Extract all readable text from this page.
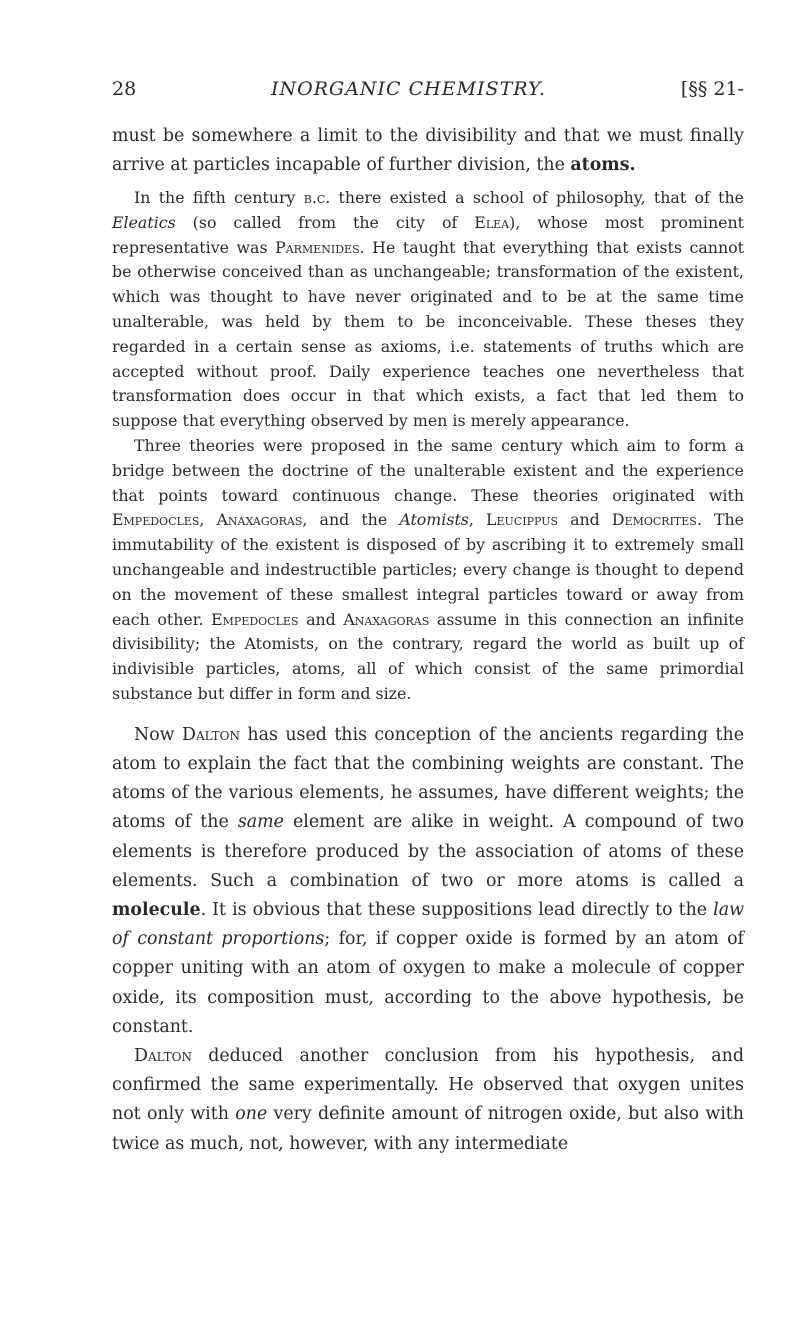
28	INORGANIC CHEMISTRY.	[§§ 21-

must be somewhere a limit to the divisibility and that we must finally arrive at particles incapable of further division, the atoms.

In the fifth century b.c. there existed a school of philosophy, that of the Eleatics (so called from the city of Elea), whose most prominent representative was Parmenides. He taught that everything that exists cannot be otherwise conceived than as unchangeable; transformation of the existent, which was thought to have never originated and to be at the same time unalterable, was held by them to be inconceivable. These theses they regarded in a certain sense as axioms, i.e. statements of truths which are accepted without proof. Daily experience teaches one nevertheless that transformation does occur in that which exists, a fact that led them to suppose that everything observed by men is merely appearance.

Three theories were proposed in the same century which aim to form a bridge between the doctrine of the unalterable existent and the experience that points toward continuous change. These theories originated with Empedocles, Anaxagoras, and the Atomists, Leucippus and Democrites. The immutability of the existent is disposed of by ascribing it to extremely small unchangeable and indestructible particles; every change is thought to depend on the movement of these smallest integral particles toward or away from each other. Empedocles and Anaxagoras assume in this connection an infinite divisibility; the Atomists, on the contrary, regard the world as built up of indivisible particles, atoms, all of which consist of the same primordial substance but differ in form and size.

Now Dalton has used this conception of the ancients regarding the atom to explain the fact that the combining weights are constant. The atoms of the various elements, he assumes, have different weights; the atoms of the same element are alike in weight. A compound of two elements is therefore produced by the association of atoms of these elements. Such a combination of two or more atoms is called a molecule. It is obvious that these suppositions lead directly to the law of constant proportions; for, if copper oxide is formed by an atom of copper uniting with an atom of oxygen to make a molecule of copper oxide, its composition must, according to the above hypothesis, be constant.

Dalton deduced another conclusion from his hypothesis, and confirmed the same experimentally. He observed that oxygen unites not only with one very definite amount of nitrogen oxide, but also with twice as much, not, however, with any intermediate
